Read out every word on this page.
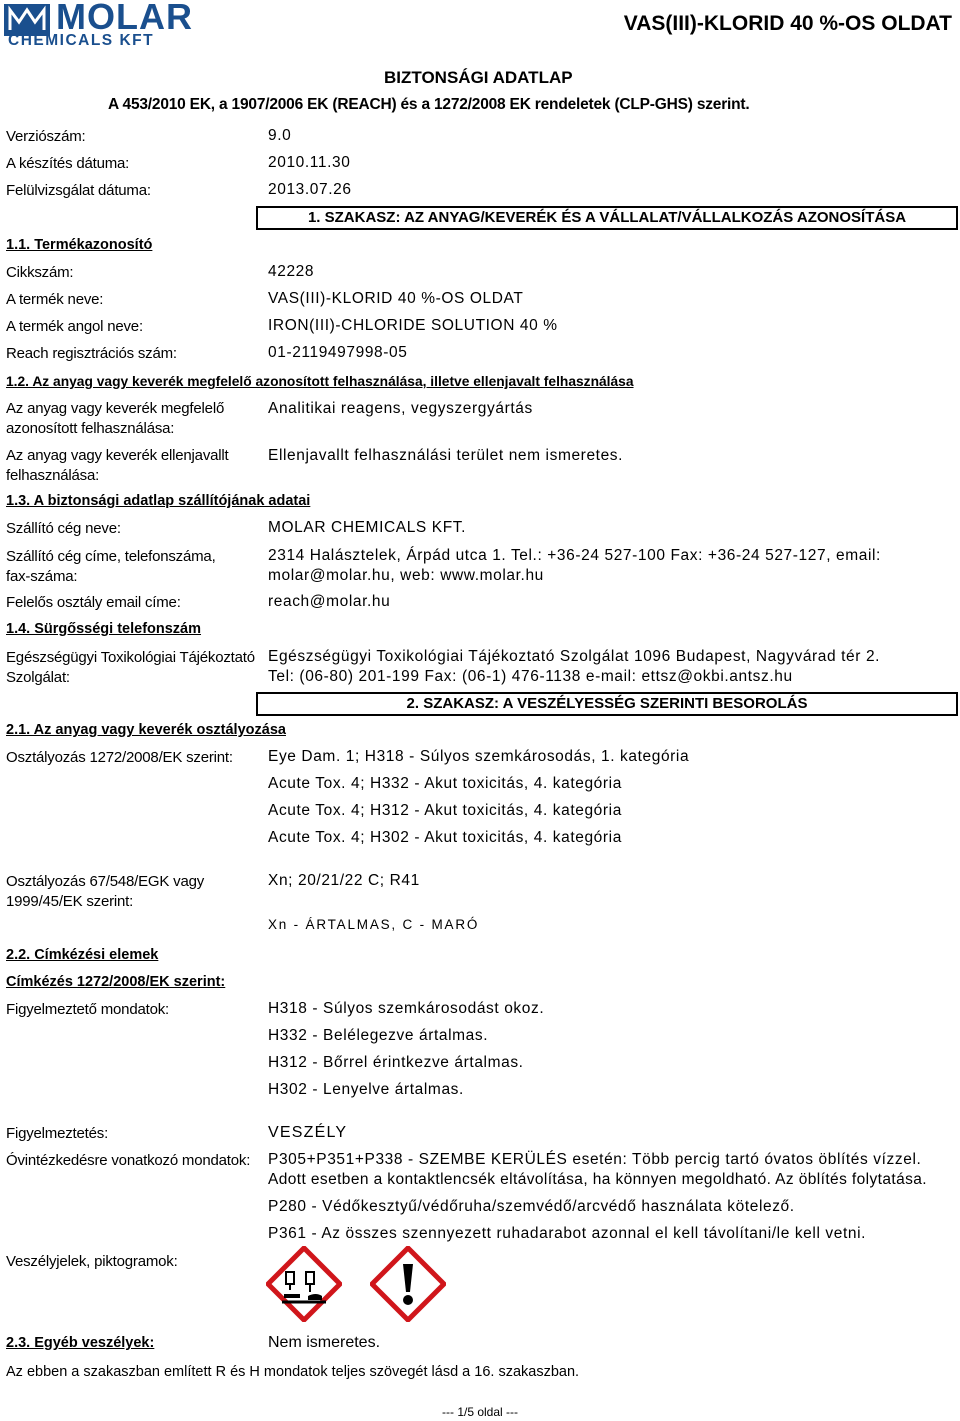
MOLAR
CHEMICALS KFT
VAS(III)-KLORID 40 %-OS OLDAT
BIZTONSÁGI ADATLAP
A 453/2010 EK, a 1907/2006 EK (REACH) és a 1272/2008 EK rendeletek (CLP-GHS) szerint.
Verziószám:	9.0
A készítés dátuma:	2010.11.30
Felülvizsgálat dátuma:	2013.07.26
1. SZAKASZ: AZ ANYAG/KEVERÉK ÉS A VÁLLALAT/VÁLLALKOZÁS AZONOSÍTÁSA
1.1. Termékazonosító
Cikkszám:	42228
A termék neve:	VAS(III)-KLORID 40 %-OS OLDAT
A termék angol neve:	IRON(III)-CHLORIDE SOLUTION 40 %
Reach regisztrációs szám:	01-2119497998-05
1.2. Az anyag vagy keverék megfelelő azonosított felhasználása, illetve ellenjavalt felhasználása
Az anyag vagy keverék megfelelő
azonosított felhasználása:
Analitikai reagens, vegyszergyártás
Az anyag vagy keverék ellenjavallt
felhasználása:
Ellenjavallt felhasználási terület nem ismeretes.
1.3. A biztonsági adatlap szállítójának adatai
Szállító cég neve:	MOLAR CHEMICALS KFT.
Szállító cég címe, telefonszáma,
fax-száma:
2314 Halásztelek, Árpád utca 1. Tel.: +36-24 527-100 Fax: +36-24 527-127, email:
molar@molar.hu, web: www.molar.hu
Felelős osztály email címe:	reach@molar.hu
1.4. Sürgősségi telefonszám
Egészségügyi Toxikológiai Tájékoztató
Szolgálat:
Egészségügyi Toxikológiai Tájékoztató Szolgálat 1096 Budapest, Nagyvárad tér 2.
Tel: (06-80) 201-199 Fax: (06-1) 476-1138 e-mail: ettsz@okbi.antsz.hu
2. SZAKASZ: A VESZÉLYESSÉG SZERINTI BESOROLÁS
2.1. Az anyag vagy keverék osztályozása
Osztályozás 1272/2008/EK szerint: Eye Dam. 1; H318 - Súlyos szemkárosodás, 1. kategória
Acute Tox. 4; H332 - Akut toxicitás, 4. kategória
Acute Tox. 4; H312 - Akut toxicitás, 4. kategória
Acute Tox. 4; H302 - Akut toxicitás, 4. kategória
Osztályozás 67/548/EGK vagy
1999/45/EK szerint:
Xn; 20/21/22 C; R41
Xn - ÁRTALMAS, C - MARÓ
2.2. Címkézési elemek
Címkézés 1272/2008/EK szerint:
Figyelmeztető mondatok:	H318 - Súlyos szemkárosodást okoz.
H332 - Belélegezve ártalmas.
H312 - Bőrrel érintkezve ártalmas.
H302 - Lenyelve ártalmas.
Figyelmeztetés:	VESZÉLY
Óvintézkedésre vonatkozó mondatok: P305+P351+P338 - SZEMBE KERÜLÉS esetén: Több percig tartó óvatos öblítés vízzel.
Adott esetben a kontaktlencsék eltávolítása, ha könnyen megoldható. Az öblítés folytatása.
P280 - Védőkesztyű/védőruha/szemvédő/arcvédő használata kötelező.
P361 - Az összes szennyezett ruhadarabot azonnal el kell távolítani/le kell vetni.
Veszélyjelek, piktogramok:
2.3. Egyéb veszélyek:	Nem ismeretes.
Az ebben a szakaszban említett R és H mondatok teljes szövegét lásd a 16. szakaszban.
--- 1/5 oldal ---
